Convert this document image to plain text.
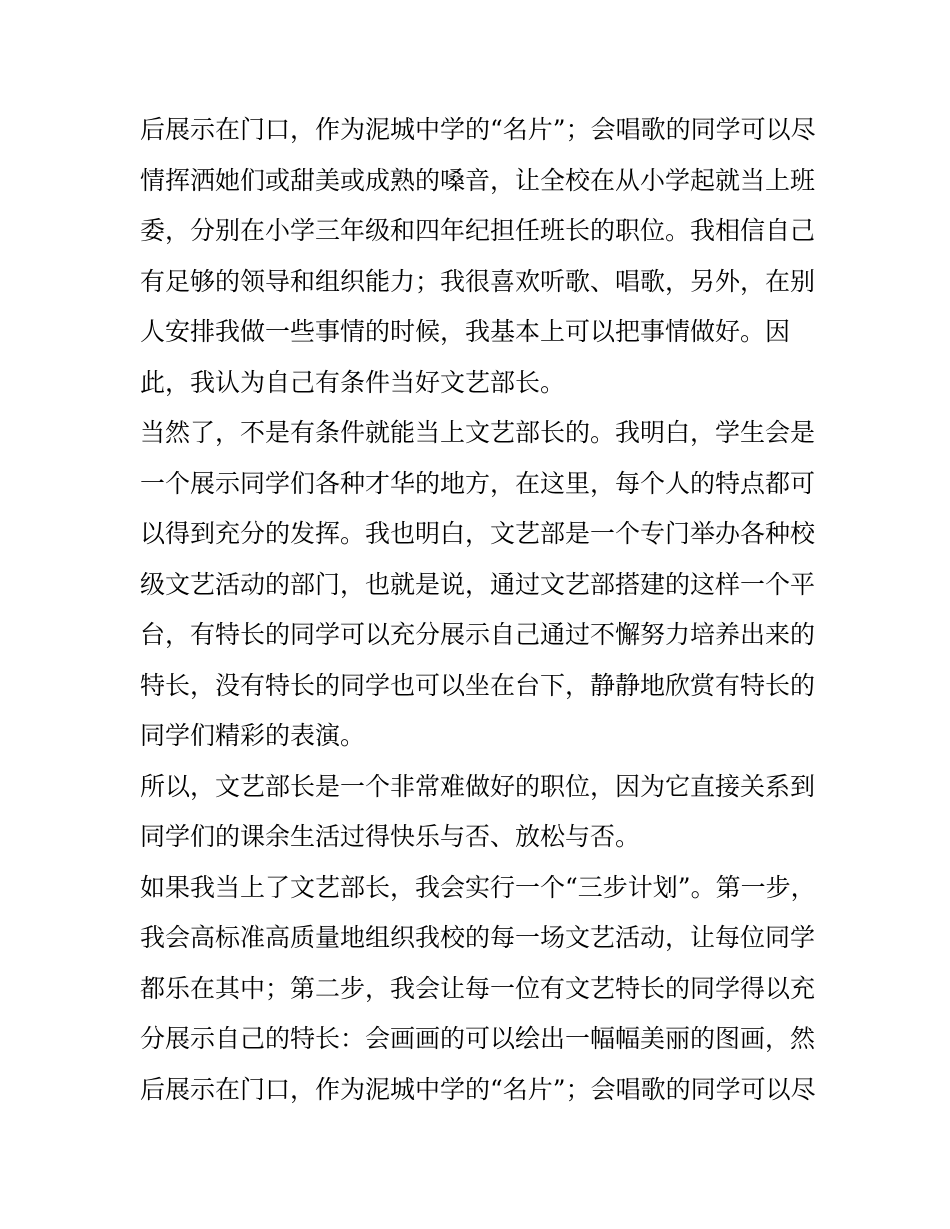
后展示在门口，作为泥城中学的“名片”；会唱歌的同学可以尽
情挥洒她们或甜美或成熟的嗓音，让全校在从小学起就当上班
委，分别在小学三年级和四年纪担任班长的职位。我相信自己
有足够的领导和组织能力；我很喜欢听歌、唱歌，另外，在别
人安排我做一些事情的时候，我基本上可以把事情做好。因
此，我认为自己有条件当好文艺部长。
当然了，不是有条件就能当上文艺部长的。我明白，学生会是
一个展示同学们各种才华的地方，在这里，每个人的特点都可
以得到充分的发挥。我也明白，文艺部是一个专门举办各种校
级文艺活动的部门，也就是说，通过文艺部搭建的这样一个平
台，有特长的同学可以充分展示自己通过不懈努力培养出来的
特长，没有特长的同学也可以坐在台下，静静地欣赏有特长的
同学们精彩的表演。
所以，文艺部长是一个非常难做好的职位，因为它直接关系到
同学们的课余生活过得快乐与否、放松与否。
如果我当上了文艺部长，我会实行一个“三步计划”。第一步，
我会高标准高质量地组织我校的每一场文艺活动，让每位同学
都乐在其中；第二步，我会让每一位有文艺特长的同学得以充
分展示自己的特长：会画画的可以绘出一幅幅美丽的图画，然
后展示在门口，作为泥城中学的“名片”；会唱歌的同学可以尽
